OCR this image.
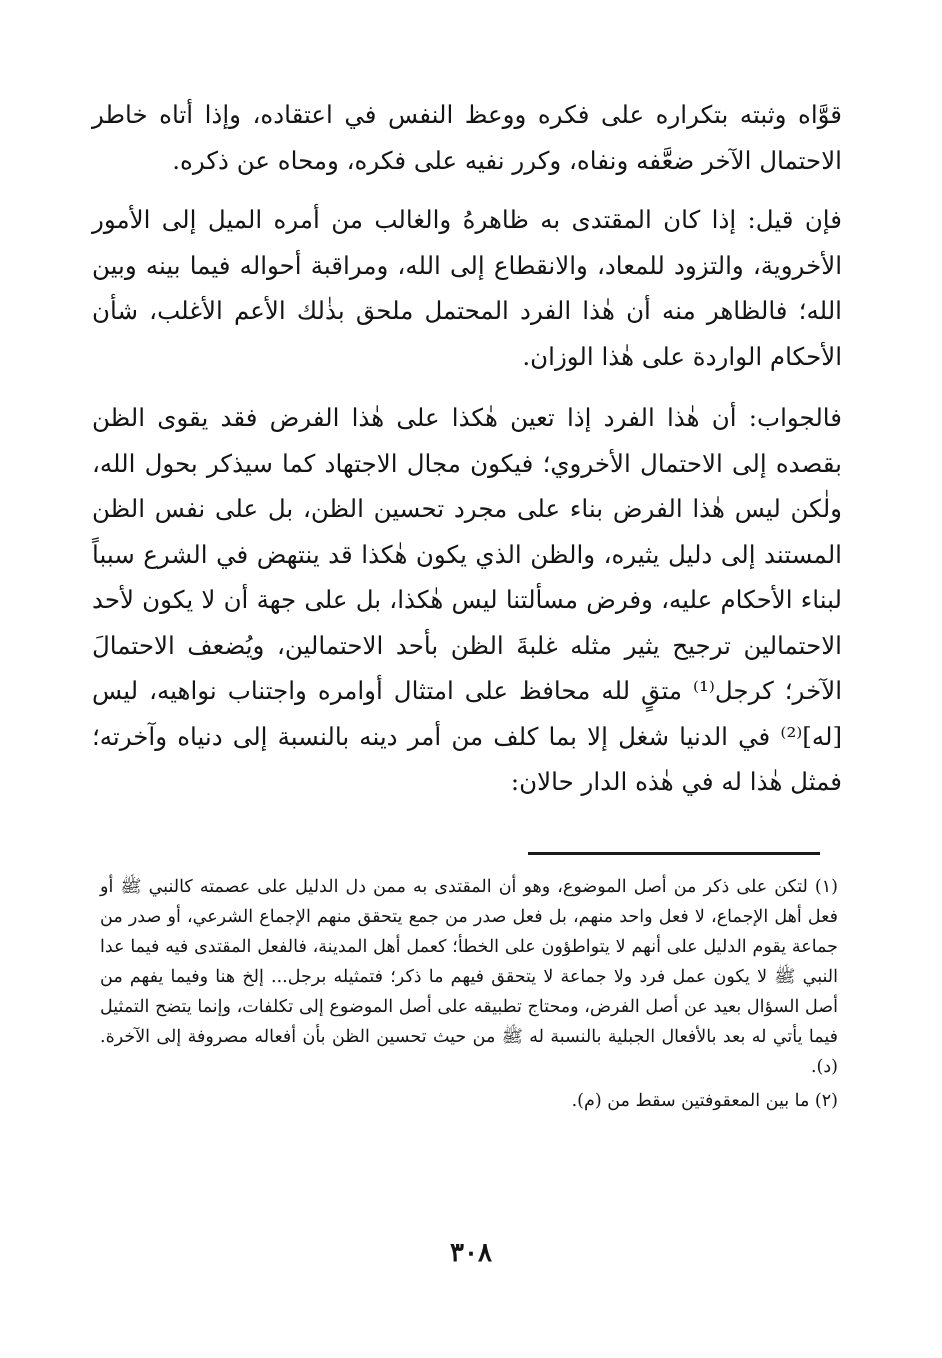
قوَّاه وثبته بتكراره على فكره ووعظ النفس في اعتقاده، وإذا أتاه خاطر الاحتمال الآخر ضعَّفه ونفاه، وكرر نفيه على فكره، ومحاه عن ذكره.

فإن قيل: إذا كان المقتدى به ظاهرهُ والغالب من أمره الميل إلى الأمور الأخروية، والتزود للمعاد، والانقطاع إلى الله، ومراقبة أحواله فيما بينه وبين الله؛ فالظاهر منه أن هٰذا الفرد المحتمل ملحق بذٰلك الأعم الأغلب، شأن الأحكام الواردة على هٰذا الوزان.

فالجواب: أن هٰذا الفرد إذا تعين هٰكذا على هٰذا الفرض فقد يقوى الظن بقصده إلى الاحتمال الأخروي؛ فيكون مجال الاجتهاد كما سيذكر بحول الله، ولٰكن ليس هٰذا الفرض بناء على مجرد تحسين الظن، بل على نفس الظن المستند إلى دليل يثيره، والظن الذي يكون هٰكذا قد ينتهض في الشرع سبباً لبناء الأحكام عليه، وفرض مسألتنا ليس هٰكذا، بل على جهة أن لا يكون لأحد الاحتمالين ترجيح يثير مثله غلبةَ الظن بأحد الاحتمالين، ويُضعف الاحتمالَ الآخر؛ كرجل⁽¹⁾ متقٍ لله محافظ على امتثال أوامره واجتناب نواهيه، ليس [له]⁽²⁾ في الدنيا شغل إلا بما كلف من أمر دينه بالنسبة إلى دنياه وآخرته؛ فمثل هٰذا له في هٰذه الدار حالان:

(١) لتكن على ذكر من أصل الموضوع، وهو أن المقتدى به ممن دل الدليل على عصمته كالنبي ﷺ أو فعل أهل الإجماع، لا فعل واحد منهم، بل فعل صدر من جمع يتحقق منهم الإجماع الشرعي، أو صدر من جماعة يقوم الدليل على أنهم لا يتواطؤون على الخطأ؛ كعمل أهل المدينة، فالفعل المقتدى فيه فيما عدا النبي ﷺ لا يكون عمل فرد ولا جماعة لا يتحقق فيهم ما ذكر؛ فتمثيله برجل... إلخ هنا وفيما يفهم من أصل السؤال بعيد عن أصل الفرض، ومحتاج تطبيقه على أصل الموضوع إلى تكلفات، وإنما يتضح التمثيل فيما يأتي له بعد بالأفعال الجبلية بالنسبة له ﷺ من حيث تحسين الظن بأن أفعاله مصروفة إلى الآخرة. (د).

(٢) ما بين المعقوفتين سقط من (م).

٣٠٨
